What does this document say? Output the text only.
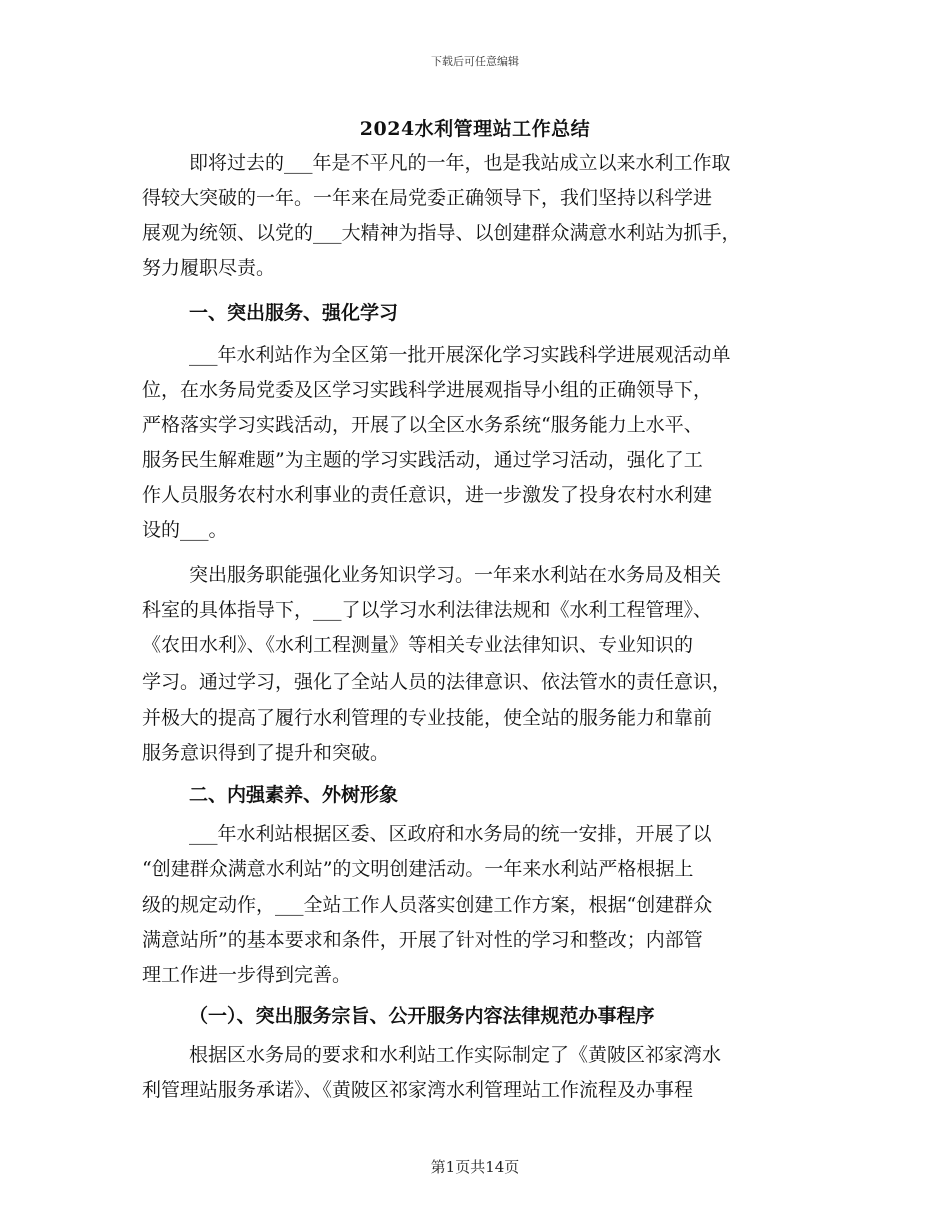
下载后可任意编辑
2024水利管理站工作总结
即将过去的___年是不平凡的一年，也是我站成立以来水利工作取
得较大突破的一年。一年来在局党委正确领导下，我们坚持以科学进
展观为统领、以党的___大精神为指导、以创建群众满意水利站为抓手，
努力履职尽责。
一、突出服务、强化学习
___年水利站作为全区第一批开展深化学习实践科学进展观活动单
位，在水务局党委及区学习实践科学进展观指导小组的正确领导下，
严格落实学习实践活动，开展了以全区水务系统“服务能力上水平、
服务民生解难题”为主题的学习实践活动，通过学习活动，强化了工
作人员服务农村水利事业的责任意识，进一步激发了投身农村水利建
设的___。
突出服务职能强化业务知识学习。一年来水利站在水务局及相关
科室的具体指导下，___了以学习水利法律法规和《水利工程管理》、
《农田水利》、《水利工程测量》等相关专业法律知识、专业知识的
学习。通过学习，强化了全站人员的法律意识、依法管水的责任意识，
并极大的提高了履行水利管理的专业技能，使全站的服务能力和靠前
服务意识得到了提升和突破。
二、内强素养、外树形象
___年水利站根据区委、区政府和水务局的统一安排，开展了以
“创建群众满意水利站”的文明创建活动。一年来水利站严格根据上
级的规定动作，___全站工作人员落实创建工作方案，根据“创建群众
满意站所”的基本要求和条件，开展了针对性的学习和整改；内部管
理工作进一步得到完善。
（一）、突出服务宗旨、公开服务内容法律规范办事程序
根据区水务局的要求和水利站工作实际制定了《黄陂区祁家湾水
利管理站服务承诺》、《黄陂区祁家湾水利管理站工作流程及办事程
第1页共14页
